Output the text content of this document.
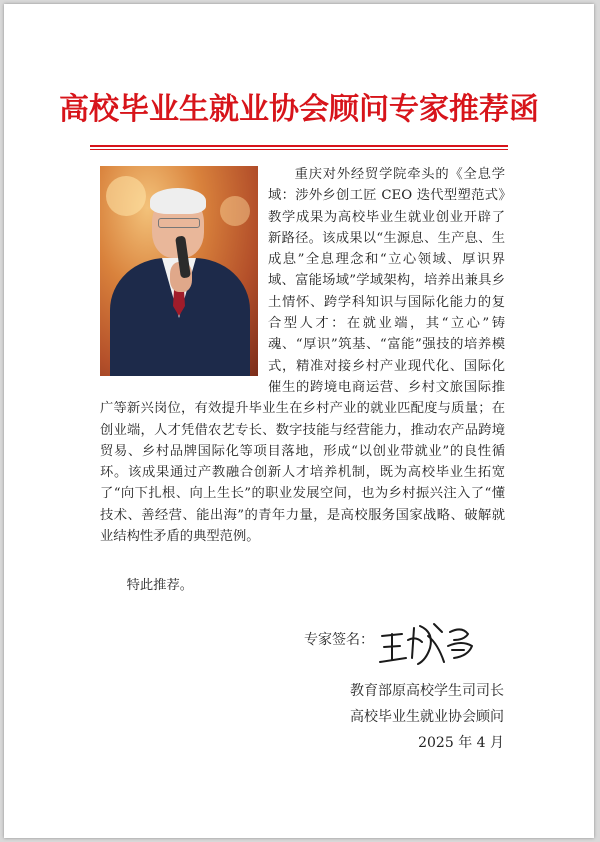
高校毕业生就业协会顾问专家推荐函

重庆对外经贸学院牵头的《全息学域：涉外乡创工匠 CEO 迭代型塑范式》教学成果为高校毕业生就业创业开辟了新路径。该成果以“生源息、生产息、生成息”全息理念和“立心领域、厚识界域、富能场域”学域架构，培养出兼具乡土情怀、跨学科知识与国际化能力的复合型人才：在就业端，其“立心”铸魂、“厚识”筑基、“富能”强技的培养模式，精准对接乡村产业现代化、国际化催生的跨境电商运营、乡村文旅国际推广等新兴岗位，有效提升毕业生在乡村产业的就业匹配度与质量；在创业端，人才凭借农艺专长、数字技能与经营能力，推动农产品跨境贸易、乡村品牌国际化等项目落地，形成“以创业带就业”的良性循环。该成果通过产教融合创新人才培养机制，既为高校毕业生拓宽了“向下扎根、向上生长”的职业发展空间，也为乡村振兴注入了“懂技术、善经营、能出海”的青年力量，是高校服务国家战略、破解就业结构性矛盾的典型范例。

特此推荐。
专家签名：
教育部原高校学生司司长
高校毕业生就业协会顾问
2025 年 4 月
